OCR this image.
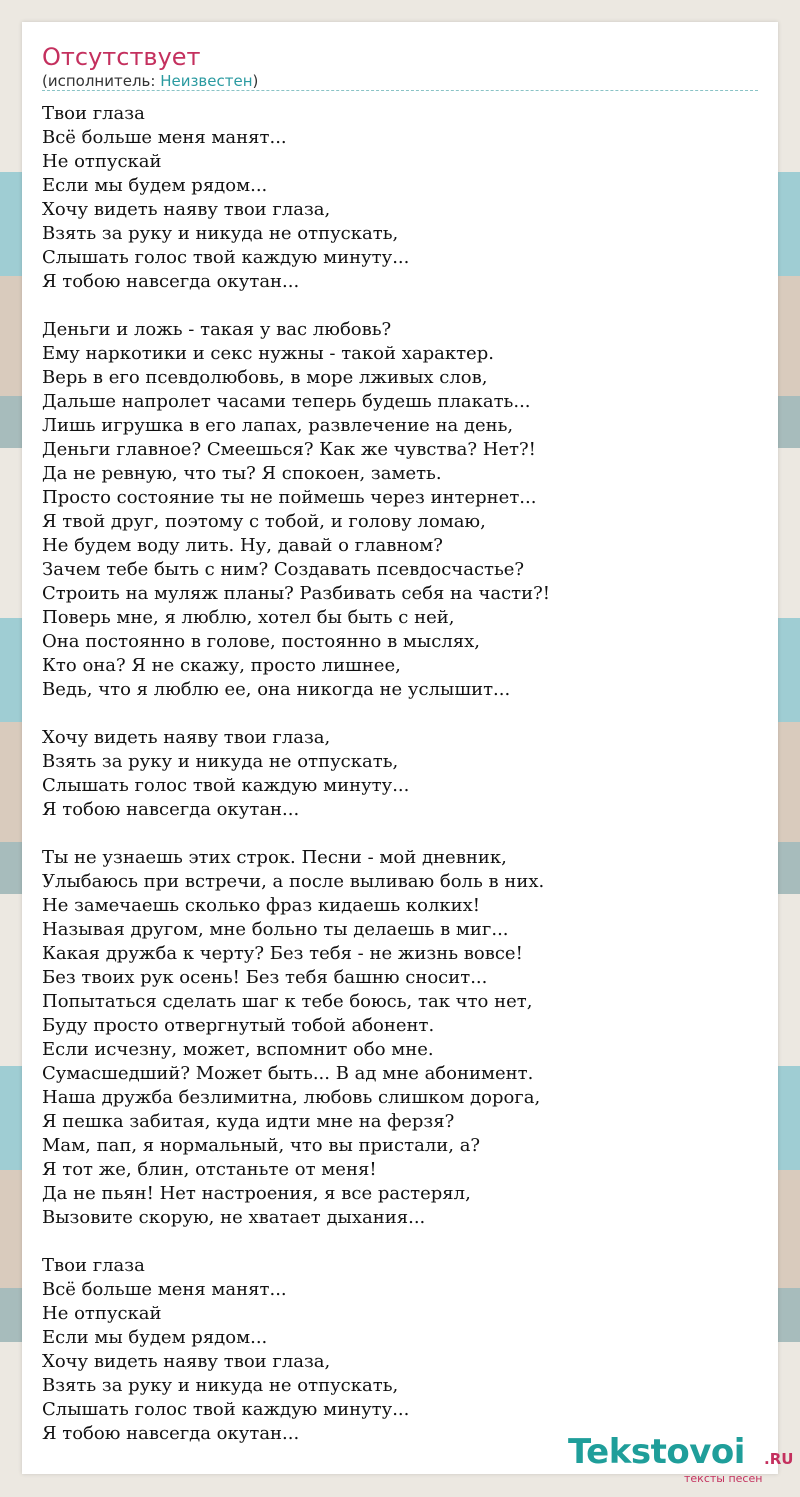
Отсутствует
(исполнитель: Неизвестен)
Твои глаза
Всё больше меня манят...
Не отпускай
Если мы будем рядом...
Хочу видеть наяву твои глаза,
Взять за руку и никуда не отпускать,
Слышать голос твой каждую минуту...
Я тобою навсегда окутан...

Деньги и ложь - такая у вас любовь?
Ему наркотики и секс нужны - такой характер.
Верь в его псевдолюбовь, в море лживых слов,
Дальше напролет часами теперь будешь плакать...
Лишь игрушка в его лапах, развлечение на день,
Деньги главное? Смеешься? Как же чувства? Нет?!
Да не ревную, что ты? Я спокоен, заметь.
Просто состояние ты не поймешь через интернет...
Я твой друг, поэтому с тобой, и голову ломаю,
Не будем воду лить. Ну, давай о главном?
Зачем тебе быть с ним? Создавать псевдосчастье?
Строить на муляж планы? Разбивать себя на части?!
Поверь мне, я люблю, хотел бы быть с ней,
Она постоянно в голове, постоянно в мыслях,
Кто она? Я не скажу, просто лишнее,
Ведь, что я люблю ее, она никогда не услышит...

Хочу видеть наяву твои глаза,
Взять за руку и никуда не отпускать,
Слышать голос твой каждую минуту...
Я тобою навсегда окутан...

Ты не узнаешь этих строк. Песни - мой дневник,
Улыбаюсь при встречи, а после выливаю боль в них.
Не замечаешь сколько фраз кидаешь колких!
Называя другом, мне больно ты делаешь в миг...
Какая дружба к черту? Без тебя - не жизнь вовсе!
Без твоих рук осень! Без тебя башню сносит...
Попытаться сделать шаг к тебе боюсь, так что нет,
Буду просто отвергнутый тобой абонент.
Если исчезну, может, вспомнит обо мне.
Сумасшедший? Может быть... В ад мне абонимент.
Наша дружба безлимитна, любовь слишком дорога,
Я пешка забитая, куда идти мне на ферзя?
Мам, пап, я нормальный, что вы пристали, а?
Я тот же, блин, отстаньте от меня!
Да не пьян! Нет настроения, я все растерял,
Вызовите скорую, не хватает дыхания...

Твои глаза
Всё больше меня манят...
Не отпускай
Если мы будем рядом...
Хочу видеть наяву твои глаза,
Взять за руку и никуда не отпускать,
Слышать голос твой каждую минуту...
Я тобою навсегда окутан...	Tekstovoi .RU
тексты песен
